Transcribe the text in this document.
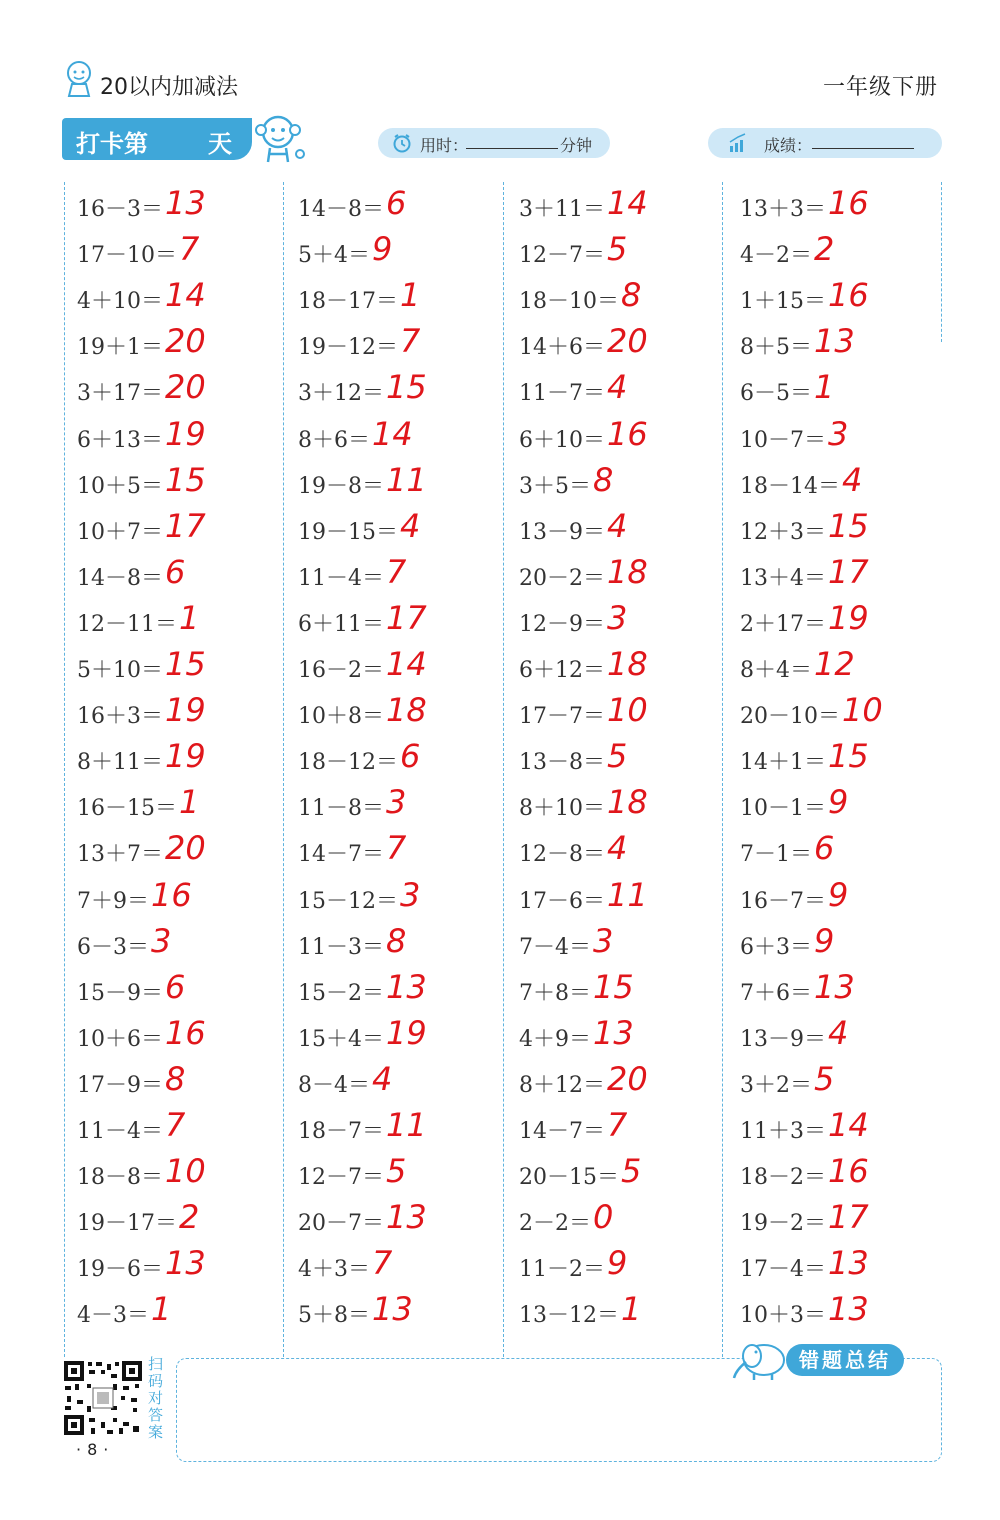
20以内加减法	一年级下册
打卡第	天	用时：	分钟	成绩：
16－3＝ 13
17－10＝ 7
4＋10＝ 14
19＋1＝ 20
3＋17＝ 20
6＋13＝ 19
10＋5＝ 15
10＋7＝ 17
14－8＝ 6
12－11＝ 1
5＋10＝ 15
16＋3＝ 19
8＋11＝ 19
16－15＝ 1
13＋7＝ 20
7＋9＝ 16
6－3＝ 3
15－9＝ 6
10＋6＝ 16
17－9＝ 8
11－4＝ 7
18－8＝ 10
19－17＝ 2
19－6＝ 13
4－3＝ 1
14－8＝ 6
5＋4＝ 9
18－17＝ 1
19－12＝ 7
3＋12＝ 15
8＋6＝ 14
19－8＝ 11
19－15＝ 4
11－4＝ 7
6＋11＝ 17
16－2＝ 14
10＋8＝ 18
18－12＝ 6
11－8＝ 3
14－7＝ 7
15－12＝ 3
11－3＝ 8
15－2＝ 13
15＋4＝ 19
8－4＝ 4
18－7＝ 11
12－7＝ 5
20－7＝ 13
4＋3＝ 7
5＋8＝ 13
3＋11＝ 14
12－7＝ 5
18－10＝ 8
14＋6＝ 20
11－7＝ 4
6＋10＝ 16
3＋5＝ 8
13－9＝ 4
20－2＝ 18
12－9＝ 3
6＋12＝ 18
17－7＝ 10
13－8＝ 5
8＋10＝ 18
12－8＝ 4
17－6＝ 11
7－4＝ 3
7＋8＝ 15
4＋9＝ 13
8＋12＝ 20
14－7＝ 7
20－15＝ 5
2－2＝ 0
11－2＝ 9
13－12＝ 1
13＋3＝ 16
4－2＝ 2
1＋15＝ 16
8＋5＝ 13
6－5＝ 1
10－7＝ 3
18－14＝ 4
12＋3＝ 15
13＋4＝ 17
2＋17＝ 19
8＋4＝ 12
20－10＝ 10
14＋1＝ 15
10－1＝ 9
7－1＝ 6
16－7＝ 9
6＋3＝ 9
7＋6＝ 13
13－9＝ 4
3＋2＝ 5
11＋3＝ 14
18－2＝ 16
19－2＝ 17
17－4＝ 13
10＋3＝ 13
错题总结
扫码对答案
·8·
